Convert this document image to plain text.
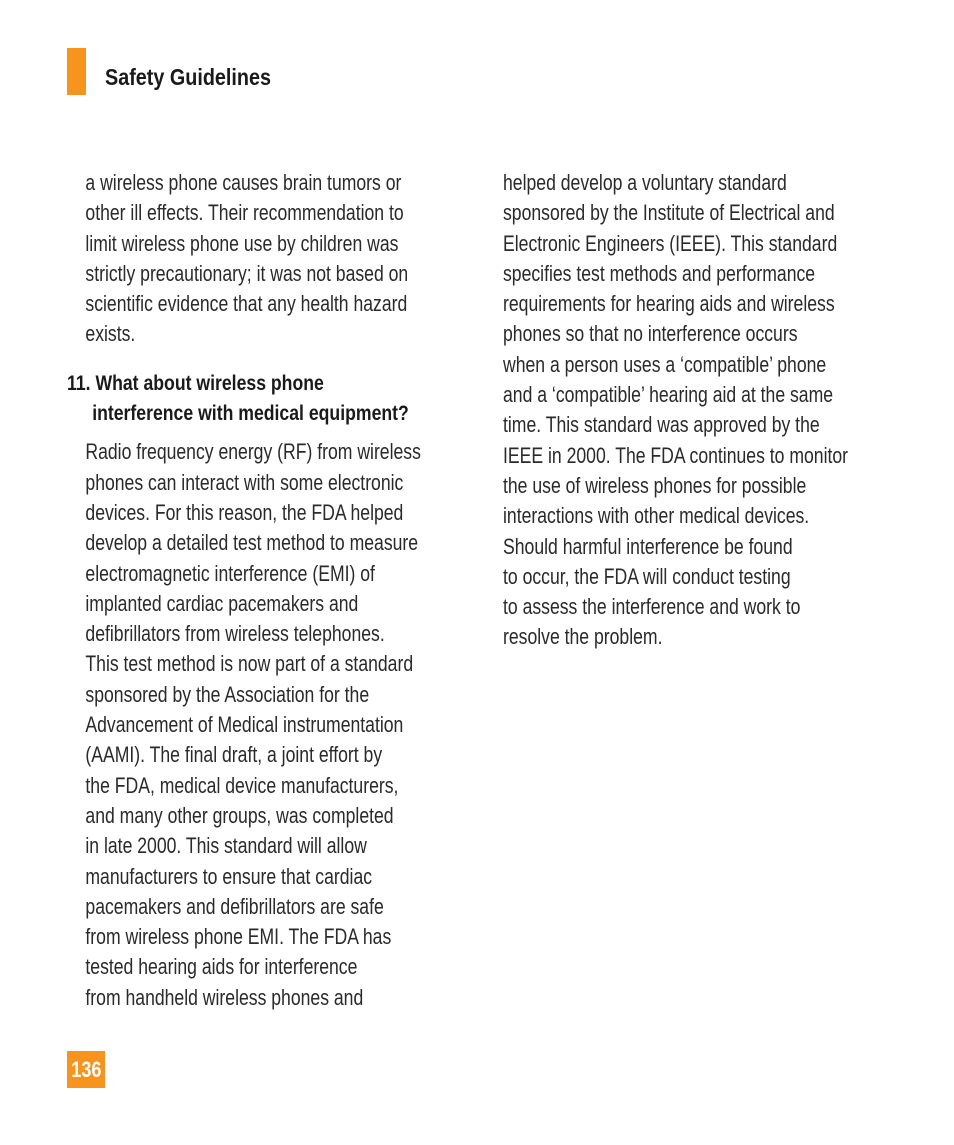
Safety Guidelines
a wireless phone causes brain tumors or
other ill effects. Their recommendation to
limit wireless phone use by children was
strictly precautionary; it was not based on
scientific evidence that any health hazard
exists.
11. What about wireless phone
interference with medical equipment?
Radio frequency energy (RF) from wireless
phones can interact with some electronic
devices. For this reason, the FDA helped
develop a detailed test method to measure
electromagnetic interference (EMI) of
implanted cardiac pacemakers and
defibrillators from wireless telephones.
This test method is now part of a standard
sponsored by the Association for the
Advancement of Medical instrumentation
(AAMI). The final draft, a joint effort by
the FDA, medical device manufacturers,
and many other groups, was completed
in late 2000. This standard will allow
manufacturers to ensure that cardiac
pacemakers and defibrillators are safe
from wireless phone EMI. The FDA has
tested hearing aids for interference
from handheld wireless phones and
helped develop a voluntary standard
sponsored by the Institute of Electrical and
Electronic Engineers (IEEE). This standard
specifies test methods and performance
requirements for hearing aids and wireless
phones so that no interference occurs
when a person uses a ‘compatible’ phone
and a ‘compatible’ hearing aid at the same
time. This standard was approved by the
IEEE in 2000. The FDA continues to monitor
the use of wireless phones for possible
interactions with other medical devices.
Should harmful interference be found
to occur, the FDA will conduct testing
to assess the interference and work to
resolve the problem.
136
